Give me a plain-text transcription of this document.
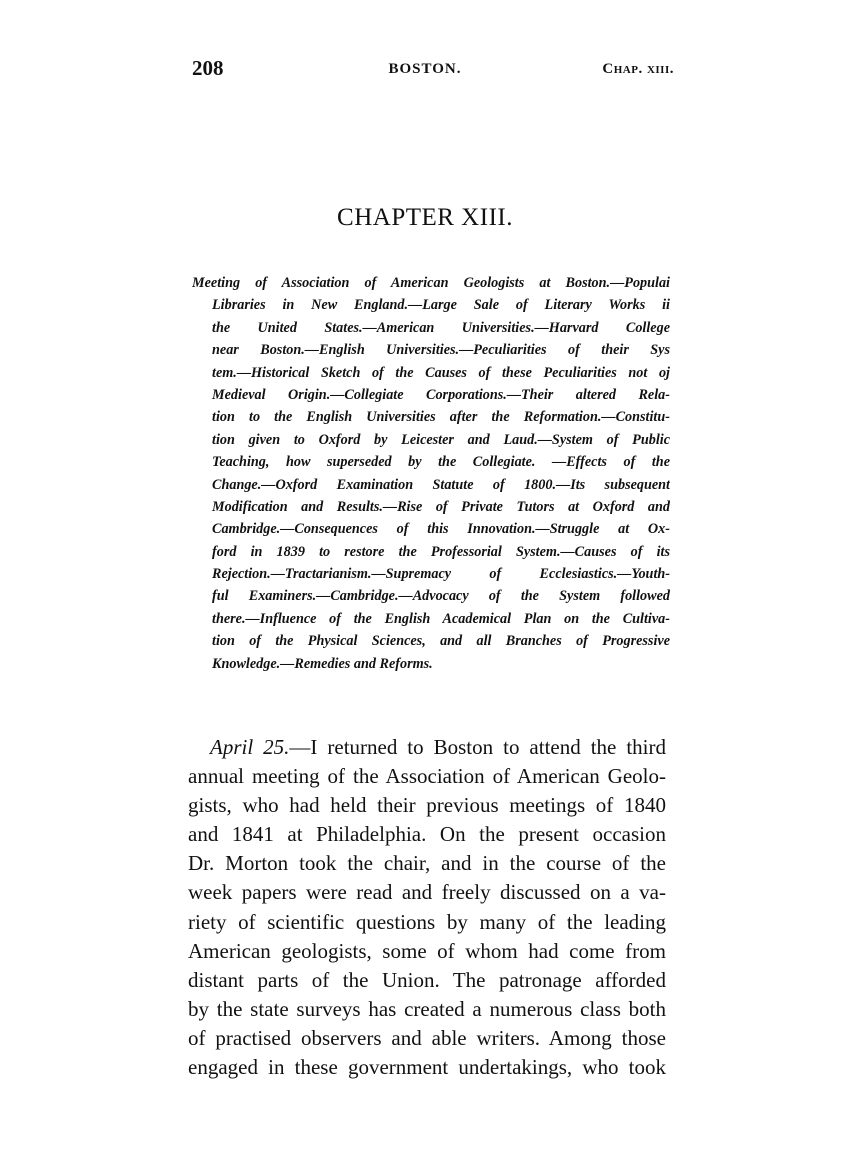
208	BOSTON.	Chap. xiii.
CHAPTER XIII.
Meeting of Association of American Geologists at Boston.—Populai
Libraries in New England.—Large Sale of Literary Works ii
the United States.—American Universities.—Harvard College
near Boston.—English Universities.—Peculiarities of their Sys
tem.—Historical Sketch of the Causes of these Peculiarities not oj
Medieval Origin.—Collegiate Corporations.—Their altered Rela-
tion to the English Universities after the Reformation.—Constitu-
tion given to Oxford by Leicester and Laud.—System of Public
Teaching, how superseded by the Collegiate. —Effects of the
Change.—Oxford Examination Statute of 1800.—Its subsequent
Modification and Results.—Rise of Private Tutors at Oxford and
Cambridge.—Consequences of this Innovation.—Struggle at Ox-
ford in 1839 to restore the Professorial System.—Causes of its
Rejection.—Tractarianism.—Supremacy of Ecclesiastics.—Youth-
ful Examiners.—Cambridge.—Advocacy of the System followed
there.—Influence of the English Academical Plan on the Cultiva-
tion of the Physical Sciences, and all Branches of Progressive
Knowledge.—Remedies and Reforms.
April 25.—I returned to Boston to attend the third
annual meeting of the Association of American Geolo-
gists, who had held their previous meetings of 1840
and 1841 at Philadelphia. On the present occasion
Dr. Morton took the chair, and in the course of the
week papers were read and freely discussed on a va-
riety of scientific questions by many of the leading
American geologists, some of whom had come from
distant parts of the Union. The patronage afforded
by the state surveys has created a numerous class both
of practised observers and able writers. Among those
engaged in these government undertakings, who took
